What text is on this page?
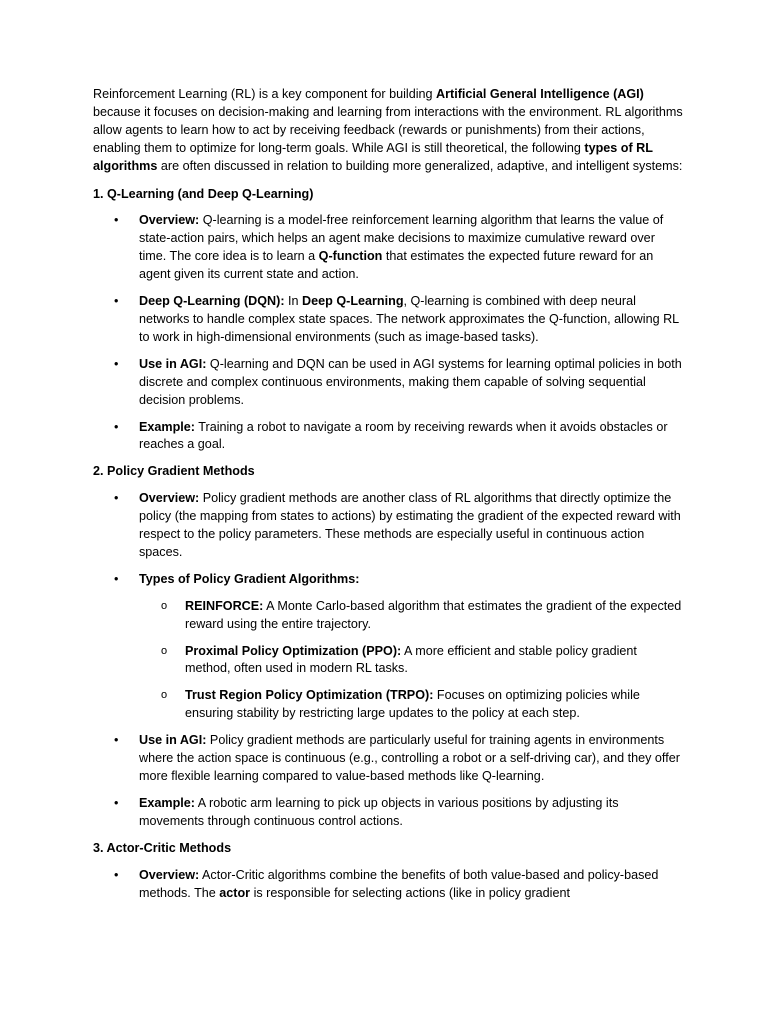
Reinforcement Learning (RL) is a key component for building Artificial General Intelligence (AGI) because it focuses on decision-making and learning from interactions with the environment. RL algorithms allow agents to learn how to act by receiving feedback (rewards or punishments) from their actions, enabling them to optimize for long-term goals. While AGI is still theoretical, the following types of RL algorithms are often discussed in relation to building more generalized, adaptive, and intelligent systems:

1. Q-Learning (and Deep Q-Learning)

• Overview: Q-learning is a model-free reinforcement learning algorithm that learns the value of state-action pairs, which helps an agent make decisions to maximize cumulative reward over time. The core idea is to learn a Q-function that estimates the expected future reward for an agent given its current state and action.
• Deep Q-Learning (DQN): In Deep Q-Learning, Q-learning is combined with deep neural networks to handle complex state spaces. The network approximates the Q-function, allowing RL to work in high-dimensional environments (such as image-based tasks).
• Use in AGI: Q-learning and DQN can be used in AGI systems for learning optimal policies in both discrete and complex continuous environments, making them capable of solving sequential decision problems.
• Example: Training a robot to navigate a room by receiving rewards when it avoids obstacles or reaches a goal.

2. Policy Gradient Methods

• Overview: Policy gradient methods are another class of RL algorithms that directly optimize the policy (the mapping from states to actions) by estimating the gradient of the expected reward with respect to the policy parameters. These methods are especially useful in continuous action spaces.
• Types of Policy Gradient Algorithms:
o REINFORCE: A Monte Carlo-based algorithm that estimates the gradient of the expected reward using the entire trajectory.
o Proximal Policy Optimization (PPO): A more efficient and stable policy gradient method, often used in modern RL tasks.
o Trust Region Policy Optimization (TRPO): Focuses on optimizing policies while ensuring stability by restricting large updates to the policy at each step.
• Use in AGI: Policy gradient methods are particularly useful for training agents in environments where the action space is continuous (e.g., controlling a robot or a self-driving car), and they offer more flexible learning compared to value-based methods like Q-learning.
• Example: A robotic arm learning to pick up objects in various positions by adjusting its movements through continuous control actions.

3. Actor-Critic Methods

• Overview: Actor-Critic algorithms combine the benefits of both value-based and policy-based methods. The actor is responsible for selecting actions (like in policy gradient
